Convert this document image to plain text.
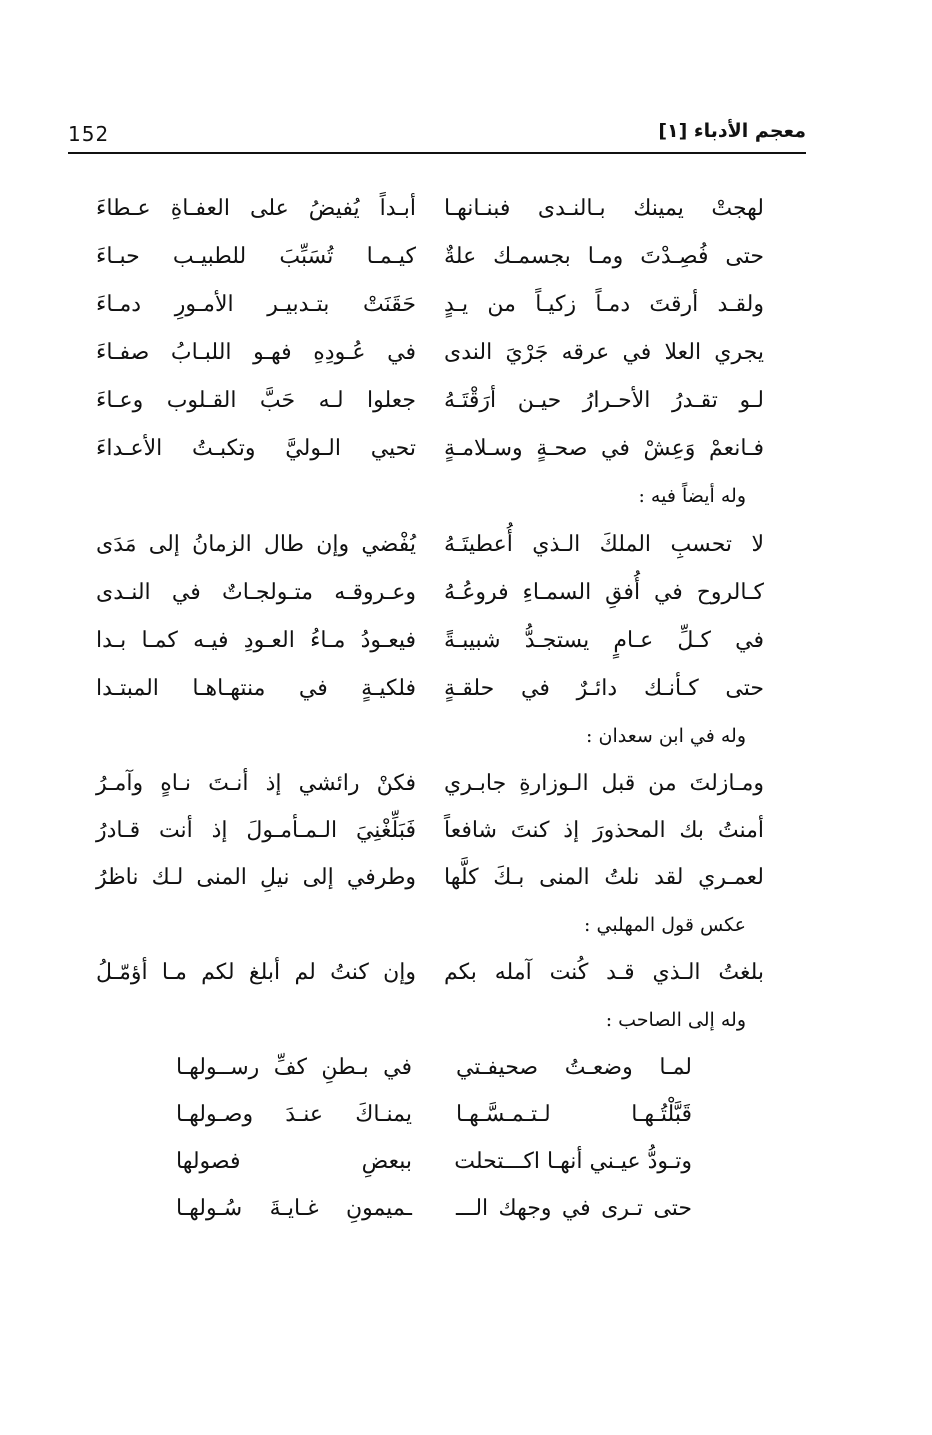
152	معجم الأدباء [١]
لهجتْ يمينك بـالنـدى فبنـانهـا
أبـداً يُفيضُ على العفـاةِ عـطاءَ
حتى فُصِـدْتَ ومـا بجسمـك علةٌ
كيـمـا تُسَبِّبَ للطبيـب حبـاءَ
ولقـد أرقتَ دمـاً زكيـاً من يـدٍ
حَقَنَتْ بتـدبيـر الأمـورِ دمـاءَ
يجري العلا في عرقه جَرْيَ الندى
في عُـودِهِ فهـو اللبـابُ صفـاءَ
لـو تقـدرُ الأحـرارُ حيـن أرَقْتَـهُ
جعلوا لـه حَبَّ القـلوب وعـاءَ
فـانعمْ وَعِشْ في صحـةٍ وسـلامـةٍ
تحيي الـوليَّ وتكبـتُ الأعـداءَ
وله أيضاً فيه :
لا تحسبِ الملكَ الـذي أُعطيتَـهُ
يُفْضي وإن طال الزمانُ إلى مَدَى
كـالروح في أُفقِ السمـاءِ فروعُـهُ
وعـروقـه متـولجـاتٌ في النـدى
في كـلِّ عـامٍ يستجـدُّ شبيبـةً
فيعـودُ مـاءُ العـودِ فيـه كمـا بـدا
حتى كـأنـك دائـرٌ في حلقـةٍ
فلكيـةٍ في منتهـاهـا المبتـدا
وله في ابن سعدان :
ومـازلتَ من قبل الـوزارةِ جابـري
فكنْ رائشي إذ أنـتَ نـاهٍ وآمـرُ
أمنتُ بك المحذورَ إذ كنتَ شافعاً
فَبَلِّغْنِيَ الـمـأمـولَ إذ أنت قـادرُ
لعمـري لقد نلتُ المنى بـكَ كلَّها
وطرفي إلى نيلِ المنى لـك ناظرُ
عكس قول المهلبي :
بلغتُ الـذي قـد كُنت آمله بكم
وإن كنتُ لم أبلغ لكم مـا أؤمّـلُ
وله إلى الصاحب :
لمـا وضعـتُ صحيفـتي
في بـطنِ كفِّ رســولهـا
قَبَّلْتُـهـا لـتـمـسَّـهـا
يمنـاكَ عنـدَ وصـولهـا
وتـودُّ عيـني أنهـا اكـــتحلت
ببعضِ فصولها
حتى تـرى في وجهك الـــ
ـميمونِ غـايـةَ سُـولهـا
